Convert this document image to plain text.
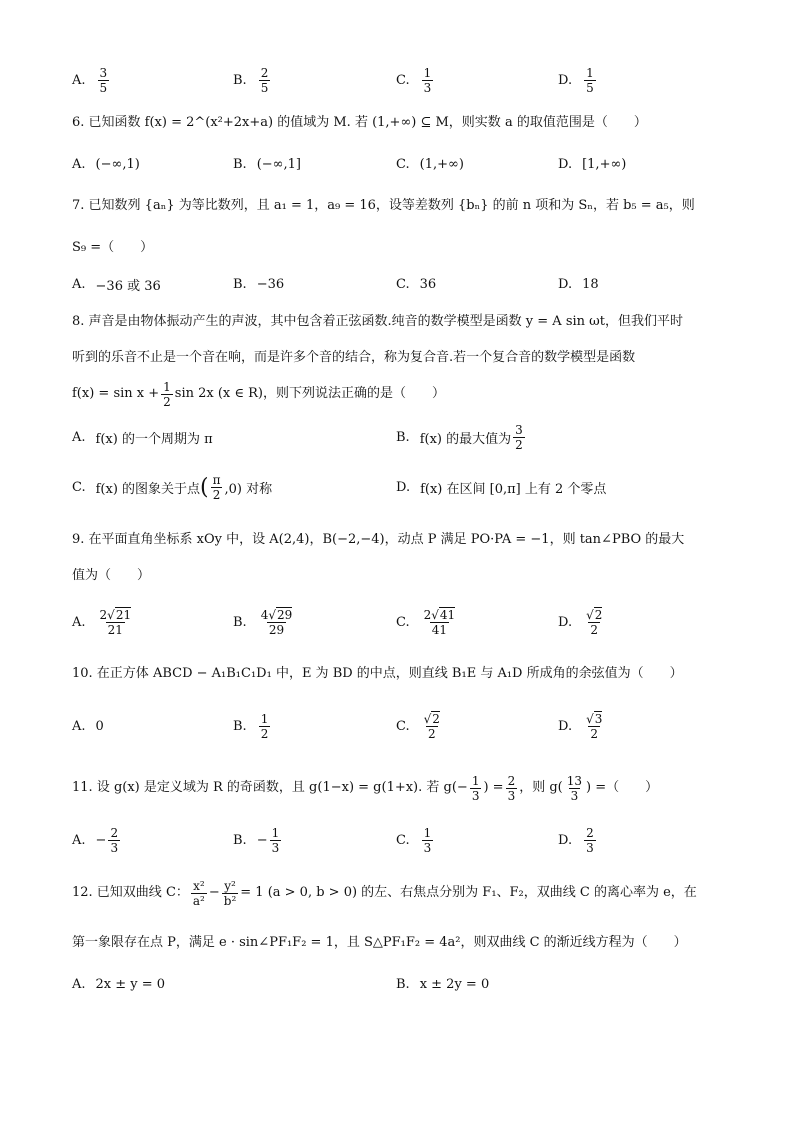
A. $\frac{3}{5}$	B. $\frac{2}{5}$	C. $\frac{1}{3}$	D. $\frac{1}{5}$
6. 已知函数 f(x) = 2^(x²+2x+a) 的值域为 M. 若 (1,+∞) ⊆ M，则实数 a 的取值范围是（　　）
A. (−∞,1)	B. (−∞,1]	C. (1,+∞)	D. [1,+∞)
7. 已知数列 {aₙ} 为等比数列，且 a₁ = 1，a₉ = 16，设等差数列 {bₙ} 的前 n 项和为 Sₙ，若 b₅ = a₅，则
S₉ =（　　）
A. −36 或 36	B. −36	C. 36	D. 18
8. 声音是由物体振动产生的声波，其中包含着正弦函数.纯音的数学模型是函数 y = A sin ωt，但我们平时
听到的乐音不止是一个音在响，而是许多个音的结合，称为复合音.若一个复合音的数学模型是函数
$f(x) = \sin x + \frac{1}{2}$ sin 2x (x ∈ R)，则下列说法正确的是（　　）
A. f(x) 的一个周期为 π	B. f(x) 的最大值为 $\frac{3}{2}$
C. f(x) 的图象关于点 ( $\frac{\pi}{2} ,0$) 对称	D. f(x) 在区间 [0,π] 上有 2 个零点
9. 在平面直角坐标系 xOy 中，设 A(2,4)，B(−2,−4)，动点 P 满足 PO·PA = −1，则 tan∠PBO 的最大
值为（　　）
A. $\frac{2√21}{21}$	B. $\frac{4√29}{29}$	C. $\frac{2√41}{41}$	D. $\frac{√2}{2}$
10. 在正方体 ABCD − A₁B₁C₁D₁ 中，E 为 BD 的中点，则直线 B₁E 与 A₁D 所成角的余弦值为（　　）
A. 0	B. $\frac{1}{2}$	C. $\frac{√2}{2}$	D. $\frac{√3}{2}$
11. 设 g(x) 是定义域为 R 的奇函数，且 g(1−x) = g(1+x). 若 $g(- \frac{1}{3}$ ) = $\frac{2}{3}$ ，则 $g( \frac{13}{3}$ ) =（　　）
A. − $\frac{2}{3}$	B. − $\frac{1}{3}$	C. $\frac{1}{3}$	D. $\frac{2}{3}$
12. 已知双曲线 C： $\frac{\text{x²}}{\text{a²}} - \frac{\text{y²}}{\text{b²}} = 1$ (a > 0, b > 0) 的左、右焦点分别为 F₁、F₂，双曲线 C 的离心率为 e，在
第一象限存在点 P，满足 e · sin∠PF₁F₂ = 1，且 S△PF₁F₂ = 4a²，则双曲线 C 的渐近线方程为（　　）
A. 2x ± y = 0	B. x ± 2y = 0
